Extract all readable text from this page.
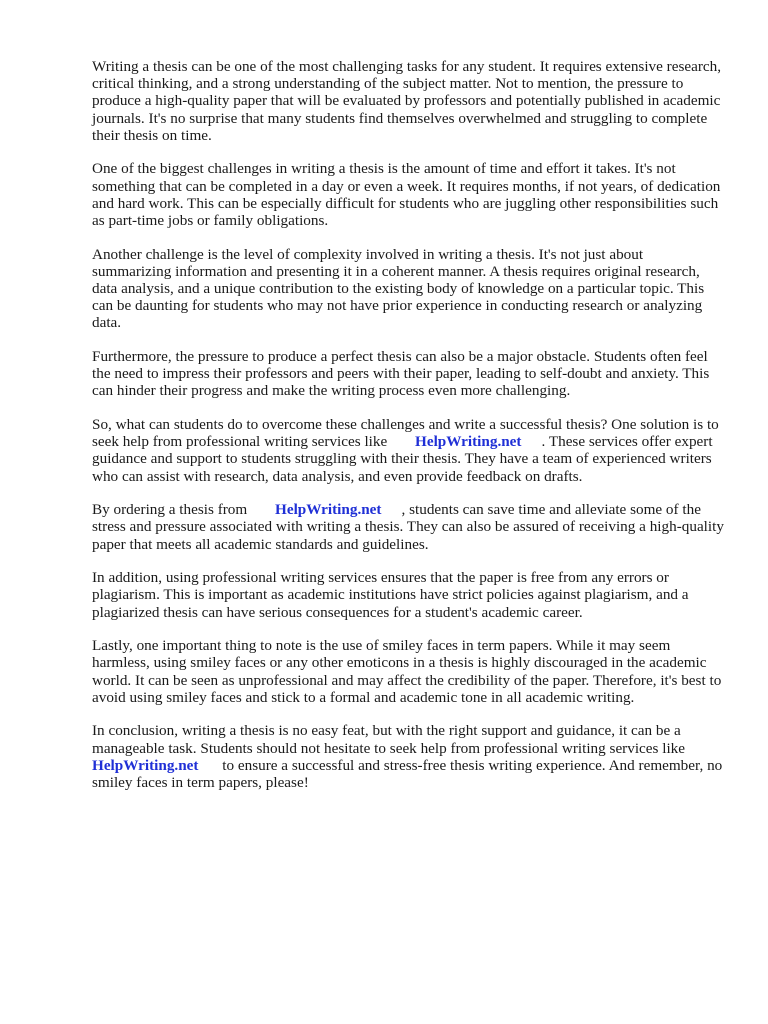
Writing a thesis can be one of the most challenging tasks for any student. It requires extensive research, critical thinking, and a strong understanding of the subject matter. Not to mention, the pressure to produce a high-quality paper that will be evaluated by professors and potentially published in academic journals. It's no surprise that many students find themselves overwhelmed and struggling to complete their thesis on time.

One of the biggest challenges in writing a thesis is the amount of time and effort it takes. It's not something that can be completed in a day or even a week. It requires months, if not years, of dedication and hard work. This can be especially difficult for students who are juggling other responsibilities such as part-time jobs or family obligations.

Another challenge is the level of complexity involved in writing a thesis. It's not just about summarizing information and presenting it in a coherent manner. A thesis requires original research, data analysis, and a unique contribution to the existing body of knowledge on a particular topic. This can be daunting for students who may not have prior experience in conducting research or analyzing data.

Furthermore, the pressure to produce a perfect thesis can also be a major obstacle. Students often feel the need to impress their professors and peers with their paper, leading to self-doubt and anxiety. This can hinder their progress and make the writing process even more challenging.

So, what can students do to overcome these challenges and write a successful thesis? One solution is to seek help from professional writing services like HelpWriting.net . These services offer expert guidance and support to students struggling with their thesis. They have a team of experienced writers who can assist with research, data analysis, and even provide feedback on drafts.

By ordering a thesis from HelpWriting.net , students can save time and alleviate some of the stress and pressure associated with writing a thesis. They can also be assured of receiving a high-quality paper that meets all academic standards and guidelines.

In addition, using professional writing services ensures that the paper is free from any errors or plagiarism. This is important as academic institutions have strict policies against plagiarism, and a plagiarized thesis can have serious consequences for a student's academic career.

Lastly, one important thing to note is the use of smiley faces in term papers. While it may seem harmless, using smiley faces or any other emoticons in a thesis is highly discouraged in the academic world. It can be seen as unprofessional and may affect the credibility of the paper. Therefore, it's best to avoid using smiley faces and stick to a formal and academic tone in all academic writing.

In conclusion, writing a thesis is no easy feat, but with the right support and guidance, it can be a manageable task. Students should not hesitate to seek help from professional writing services like HelpWriting.net to ensure a successful and stress-free thesis writing experience. And remember, no smiley faces in term papers, please!
